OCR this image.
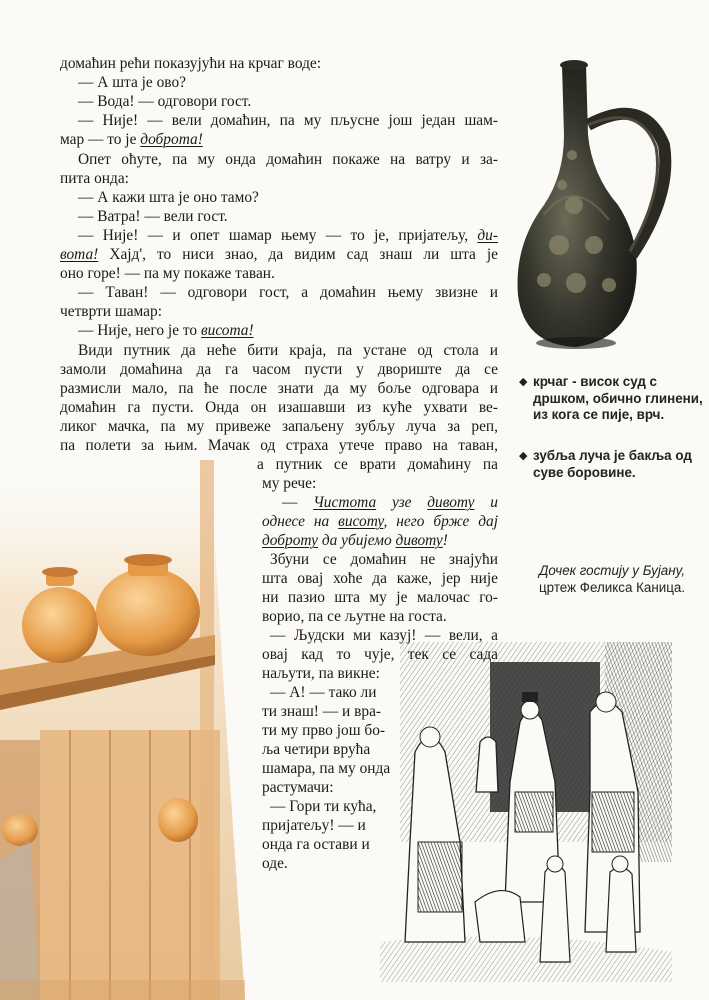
домаћин рећи показујући на крчаг воде:
— А шта је ово?
— Вода! — одговори гост.
— Није! — вели домаћин, па му пљусне још један шам-
мар — то је доброта!
Опет оћуте, па му онда домаћин покаже на ватру и за-
пита онда:
— А кажи шта је оно тамо?
— Ватра! — вели гост.
— Није! — и опет шамар њему — то је, пријатељу, ди-
вота! Хајд', то ниси знао, да видим сад знаш ли шта је
оно горе! — па му покаже таван.
— Таван! — одговори гост, а домаћин њему звизне и
четврти шамар:
— Није, него је то висота!
Види путник да неће бити краја, па устане од стола и
замоли домаћина да га часом пусти у двориште да се
размисли мало, па ће после знати да му боље одговара и
домаћин га пусти. Онда он изашавши из куће ухвати ве-
ликог мачка, па му привеже запаљену зубљу луча за реп,
па полети за њим. Мачак од страха утече право на таван,
а путник се врати домаћину па
му рече:
— Чистота узе дивоту и
однесе на висоту, него брже дај
доброту да убијемо дивоту!
Збуни се домаћин не знајући
шта овај хоће да каже, јер није
ни пазио шта му је малочас го-
ворио, па се љутне на госта.
— Људски ми казуј! — вели, а
овај кад то чује, тек се сада
наљути, па викне:
— А! — тако ли
ти знаш! — и вра-
ти му прво још бо-
ља четири врућа
шамара, па му онда
растумачи:
— Гори ти кућа,
пријатељу! — и
онда га остави и
оде.
◆ крчаг - висок суд с дршком, обично глинени, из кога се пије, врч.
◆ зубља луча је бакља од суве боровине.
Дочек гостију у Бујану, цртеж Феликса Каница.
